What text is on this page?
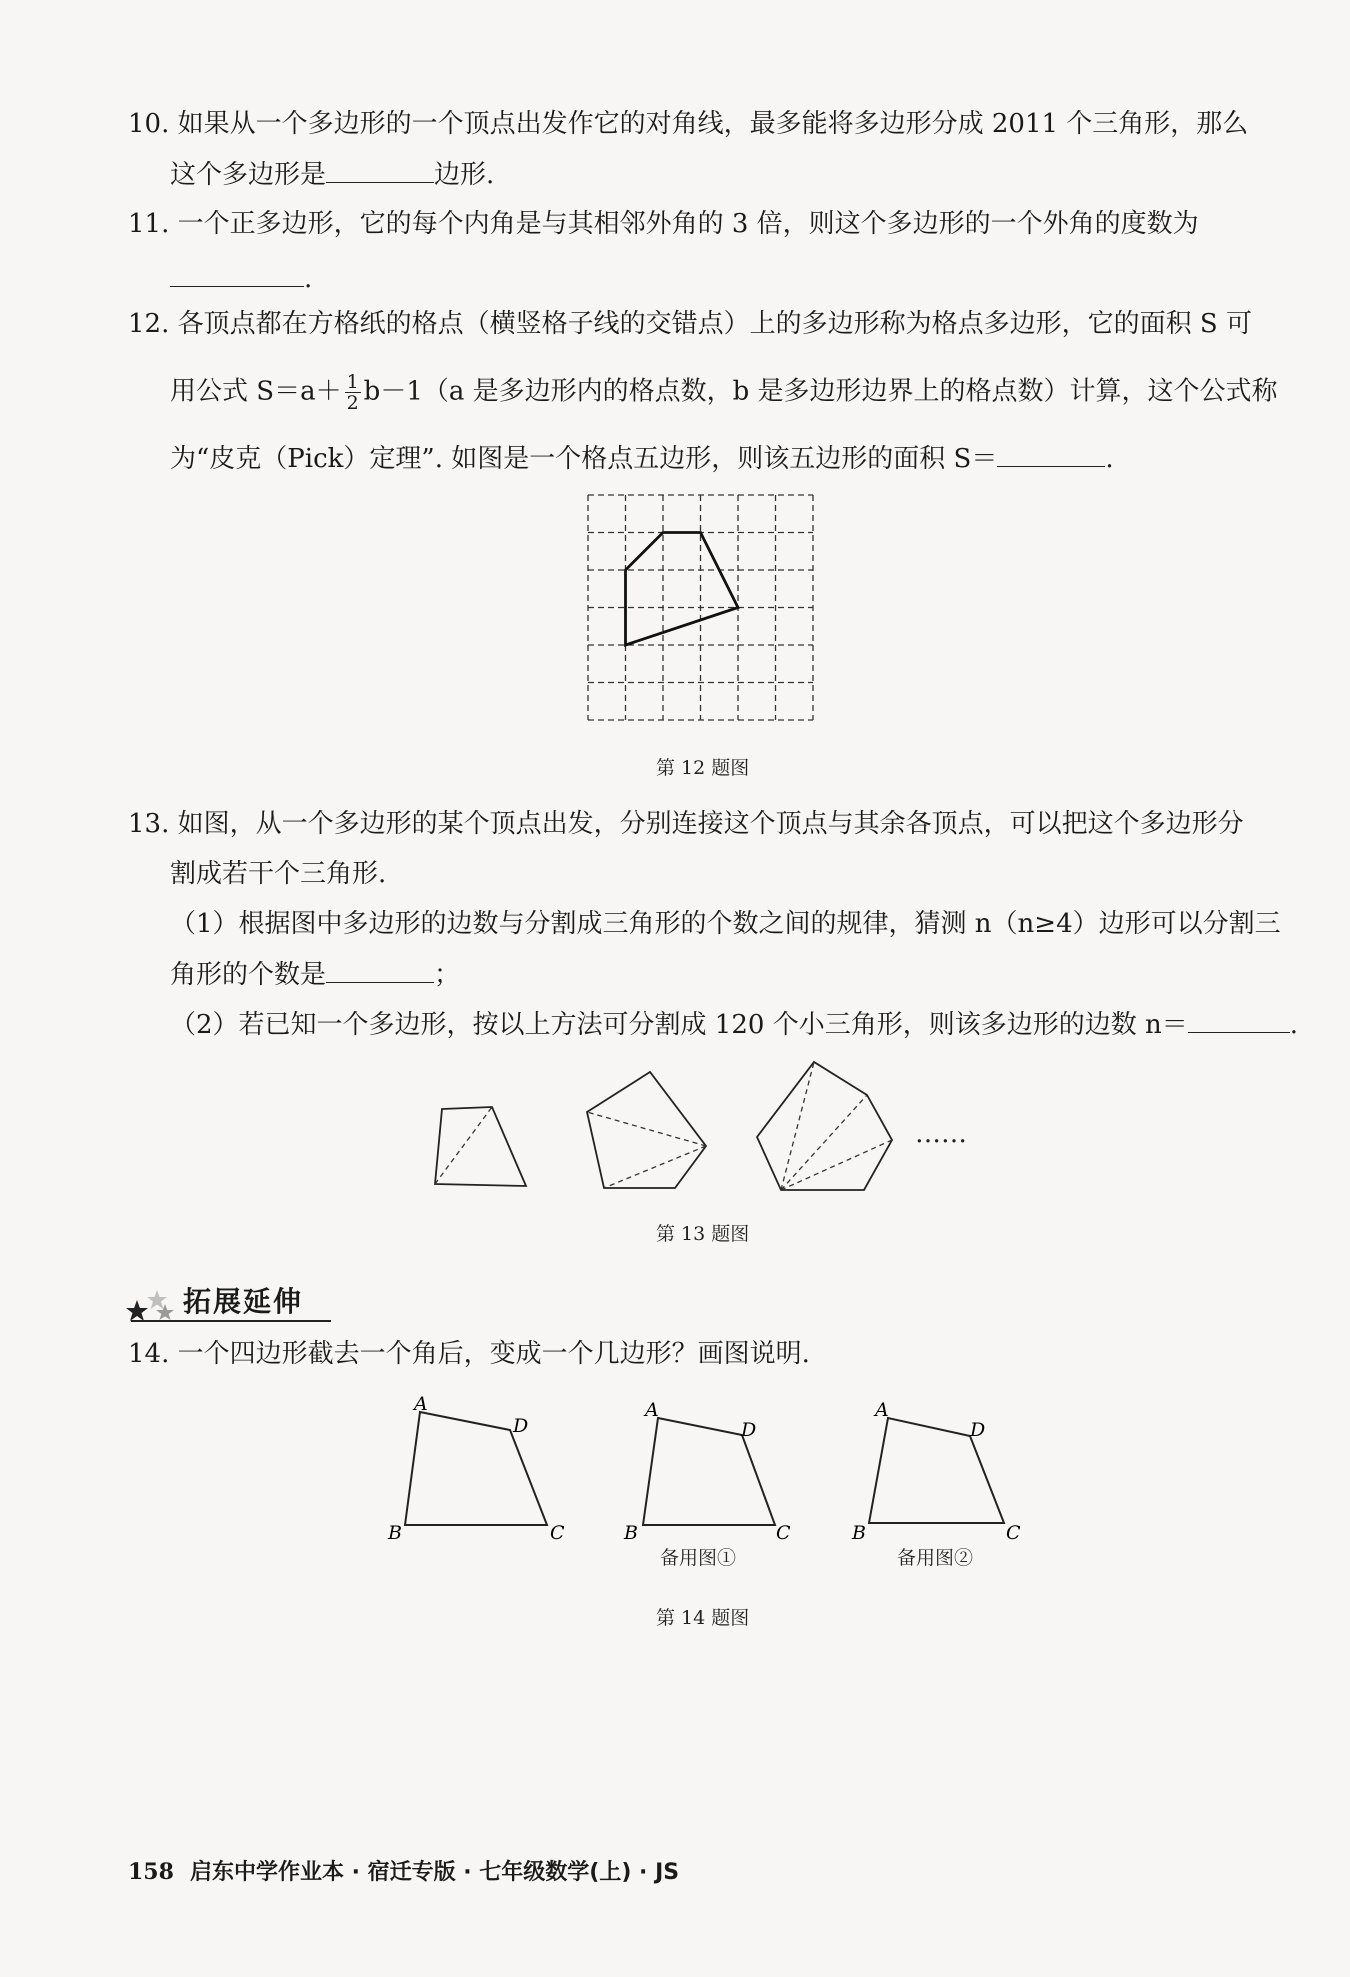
10. 如果从一个多边形的一个顶点出发作它的对角线，最多能将多边形分成 2011 个三角形，那么
这个多边形是	边形.
11. 一个正多边形，它的每个内角是与其相邻外角的 3 倍，则这个多边形的一个外角的度数为
.
12. 各顶点都在方格纸的格点（横竖格子线的交错点）上的多边形称为格点多边形，它的面积 S 可
用公式 $S=a+ \frac{1}{2} b-1(a$ 是多边形内的格点数，b 是多边形边界上的格点数）计算，这个公式称
为“皮克（Pick）定理”. 如图是一个格点五边形，则该五边形的面积 S＝	.
第 12 题图
13. 如图，从一个多边形的某个顶点出发，分别连接这个顶点与其余各顶点，可以把这个多边形分
割成若干个三角形.
（1）根据图中多边形的边数与分割成三角形的个数之间的规律，猜测 n（n≥4）边形可以分割三
角形的个数是	；
（2）若已知一个多边形，按以上方法可分割成 120 个小三角形，则该多边形的边数 n＝	.
……
第 13 题图
拓展延伸
14. 一个四边形截去一个角后，变成一个几边形？画图说明.
A
D
B	C
A
D
B	C
A
D
B	C
备用图①	备用图②
第 14 题图
158 启东中学作业本 · 宿迁专版 · 七年级数学(上) · JS
